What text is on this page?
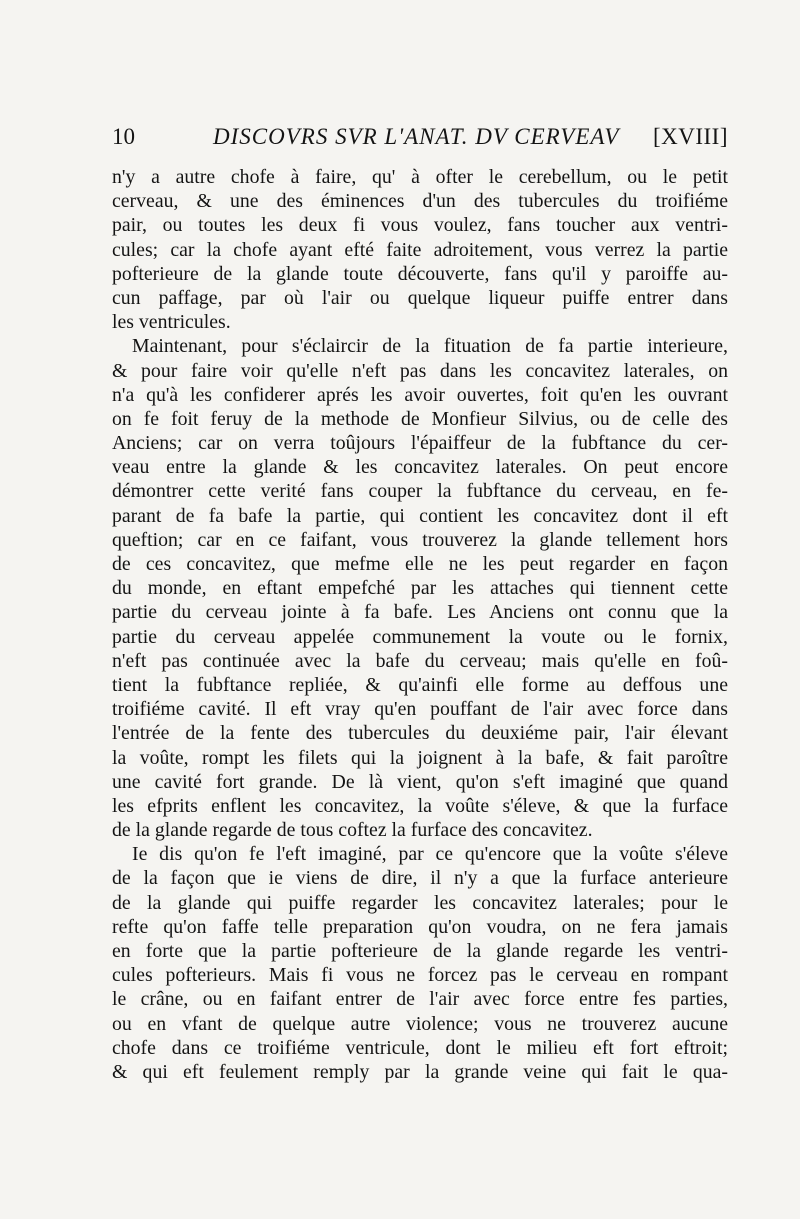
10	DISCOVRS SVR L'ANAT. DV CERVEAV [XVIII]
n'y a autre chofe à faire, qu' à ofter le cerebellum, ou le petit
cerveau, & une des éminences d'un des tubercules du troifiéme
pair, ou toutes les deux fi vous voulez, fans toucher aux ventri-
cules; car la chofe ayant efté faite adroitement, vous verrez la partie
pofterieure de la glande toute découverte, fans qu'il y paroiffe au-
cun paffage, par où l'air ou quelque liqueur puiffe entrer dans
les ventricules.
Maintenant, pour s'éclaircir de la fituation de fa partie interieure,
& pour faire voir qu'elle n'eft pas dans les concavitez laterales, on
n'a qu'à les confiderer aprés les avoir ouvertes, foit qu'en les ouvrant
on fe foit feruy de la methode de Monfieur Silvius, ou de celle des
Anciens; car on verra toûjours l'épaiffeur de la fubftance du cer-
veau entre la glande & les concavitez laterales. On peut encore
démontrer cette verité fans couper la fubftance du cerveau, en fe-
parant de fa bafe la partie, qui contient les concavitez dont il eft
queftion; car en ce faifant, vous trouverez la glande tellement hors
de ces concavitez, que mefme elle ne les peut regarder en façon
du monde, en eftant empefché par les attaches qui tiennent cette
partie du cerveau jointe à fa bafe. Les Anciens ont connu que la
partie du cerveau appelée communement la voute ou le fornix,
n'eft pas continuée avec la bafe du cerveau; mais qu'elle en foû-
tient la fubftance repliée, & qu'ainfi elle forme au deffous une
troifiéme cavité. Il eft vray qu'en pouffant de l'air avec force dans
l'entrée de la fente des tubercules du deuxiéme pair, l'air élevant
la voûte, rompt les filets qui la joignent à la bafe, & fait paroître
une cavité fort grande. De là vient, qu'on s'eft imaginé que quand
les efprits enflent les concavitez, la voûte s'éleve, & que la furface
de la glande regarde de tous coftez la furface des concavitez.
Ie dis qu'on fe l'eft imaginé, par ce qu'encore que la voûte s'éleve
de la façon que ie viens de dire, il n'y a que la furface anterieure
de la glande qui puiffe regarder les concavitez laterales; pour le
refte qu'on faffe telle preparation qu'on voudra, on ne fera jamais
en forte que la partie pofterieure de la glande regarde les ventri-
cules pofterieurs. Mais fi vous ne forcez pas le cerveau en rompant
le crâne, ou en faifant entrer de l'air avec force entre fes parties,
ou en vfant de quelque autre violence; vous ne trouverez aucune
chofe dans ce troifiéme ventricule, dont le milieu eft fort eftroit;
& qui eft feulement remply par la grande veine qui fait le qua-
